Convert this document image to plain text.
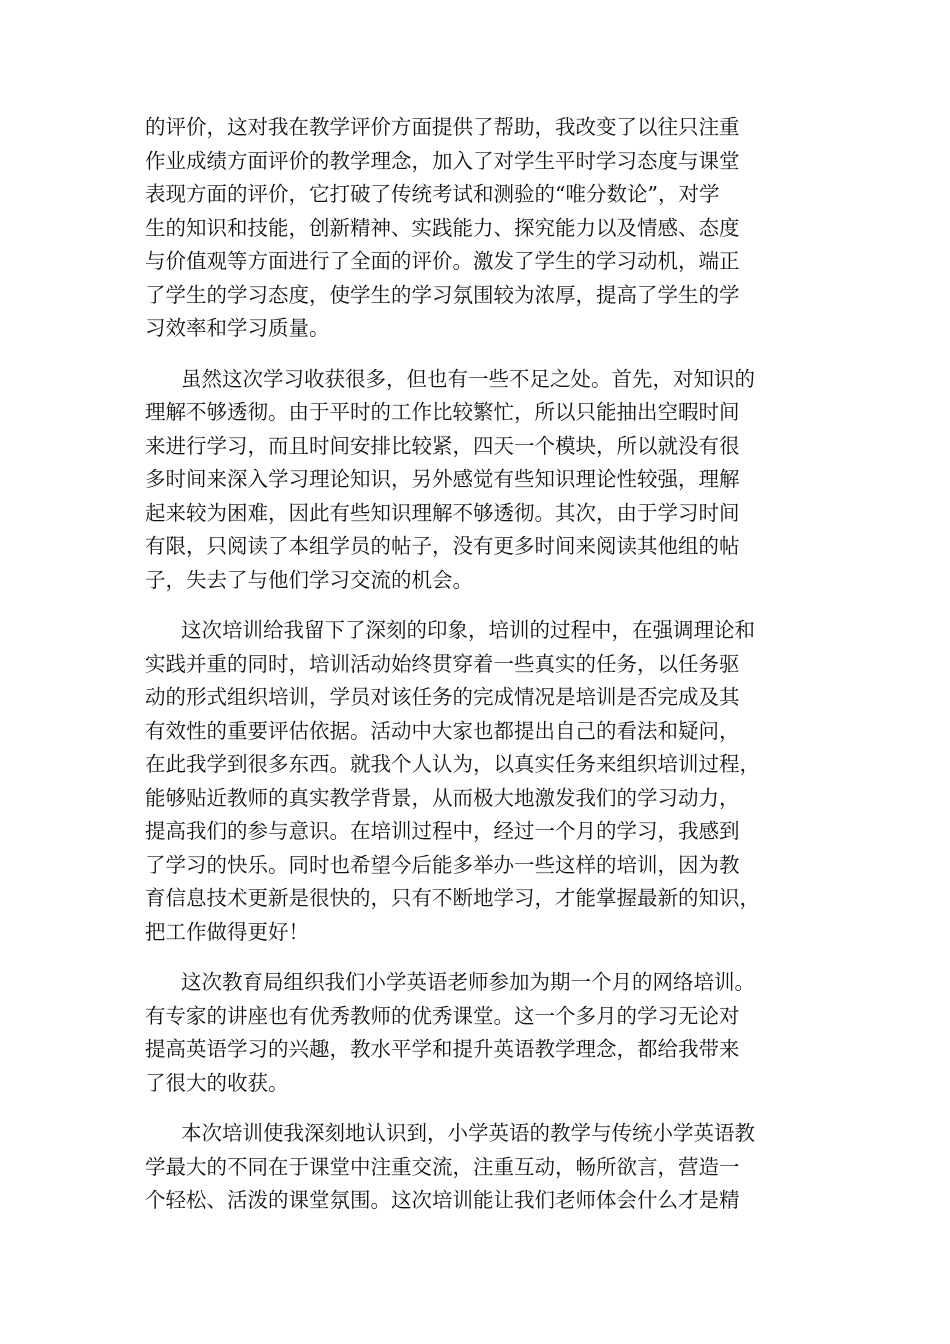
的评价，这对我在教学评价方面提供了帮助，我改变了以往只注重
作业成绩方面评价的教学理念，加入了对学生平时学习态度与课堂
表现方面的评价，它打破了传统考试和测验的“唯分数论”，对学
生的知识和技能，创新精神、实践能力、探究能力以及情感、态度
与价值观等方面进行了全面的评价。激发了学生的学习动机，端正
了学生的学习态度，使学生的学习氛围较为浓厚，提高了学生的学
习效率和学习质量。
虽然这次学习收获很多，但也有一些不足之处。首先，对知识的
理解不够透彻。由于平时的工作比较繁忙，所以只能抽出空暇时间
来进行学习，而且时间安排比较紧，四天一个模块，所以就没有很
多时间来深入学习理论知识，另外感觉有些知识理论性较强，理解
起来较为困难，因此有些知识理解不够透彻。其次，由于学习时间
有限，只阅读了本组学员的帖子，没有更多时间来阅读其他组的帖
子，失去了与他们学习交流的机会。
这次培训给我留下了深刻的印象，培训的过程中，在强调理论和
实践并重的同时，培训活动始终贯穿着一些真实的任务，以任务驱
动的形式组织培训，学员对该任务的完成情况是培训是否完成及其
有效性的重要评估依据。活动中大家也都提出自己的看法和疑问，
在此我学到很多东西。就我个人认为，以真实任务来组织培训过程，
能够贴近教师的真实教学背景，从而极大地激发我们的学习动力，
提高我们的参与意识。在培训过程中，经过一个月的学习，我感到
了学习的快乐。同时也希望今后能多举办一些这样的培训，因为教
育信息技术更新是很快的，只有不断地学习，才能掌握最新的知识，
把工作做得更好！
这次教育局组织我们小学英语老师参加为期一个月的网络培训。
有专家的讲座也有优秀教师的优秀课堂。这一个多月的学习无论对
提高英语学习的兴趣，教水平学和提升英语教学理念，都给我带来
了很大的收获。
本次培训使我深刻地认识到，小学英语的教学与传统小学英语教
学最大的不同在于课堂中注重交流，注重互动，畅所欲言，营造一
个轻松、活泼的课堂氛围。这次培训能让我们老师体会什么才是精
